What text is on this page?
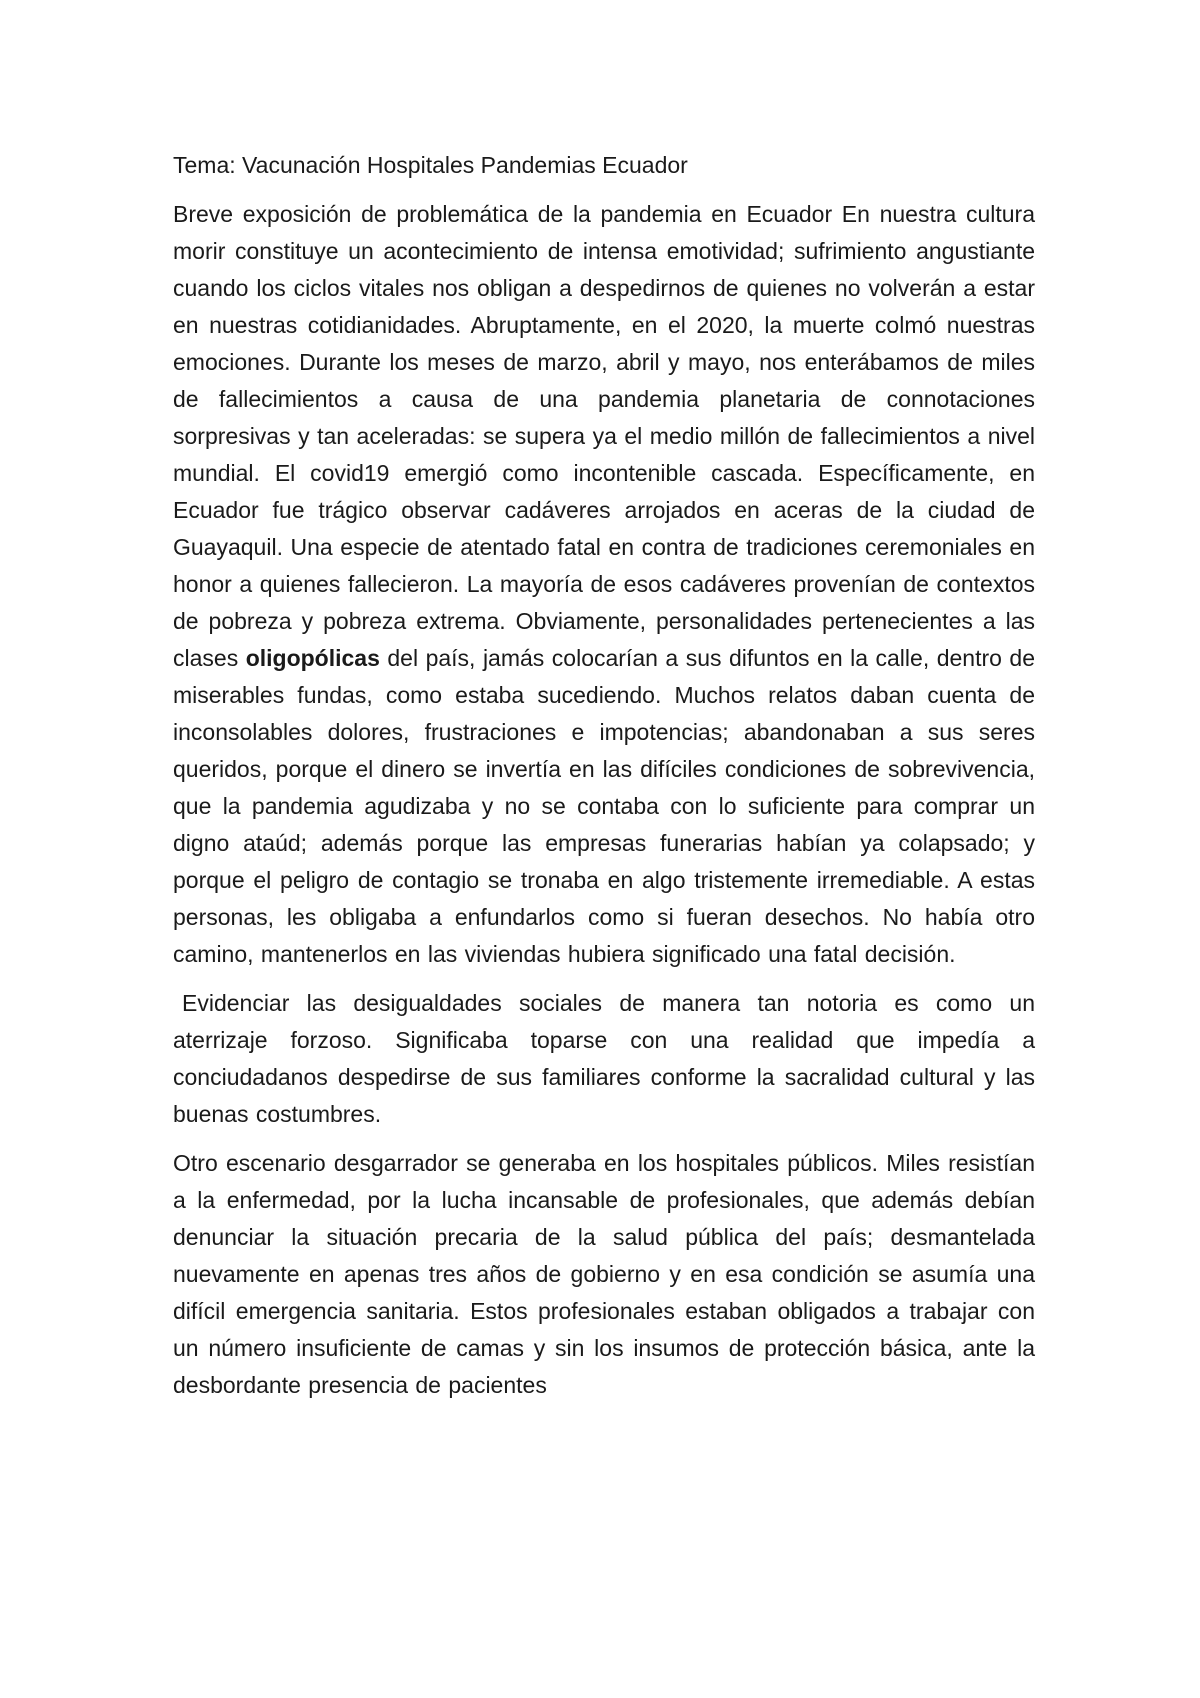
Tema: Vacunación Hospitales Pandemias Ecuador

Breve exposición de problemática de la pandemia en Ecuador En nuestra cultura morir constituye un acontecimiento de intensa emotividad; sufrimiento angustiante cuando los ciclos vitales nos obligan a despedirnos de quienes no volverán a estar en nuestras cotidianidades. Abruptamente, en el 2020, la muerte colmó nuestras emociones. Durante los meses de marzo, abril y mayo, nos enterábamos de miles de fallecimientos a causa de una pandemia planetaria de connotaciones sorpresivas y tan aceleradas: se supera ya el medio millón de fallecimientos a nivel mundial. El covid19 emergió como incontenible cascada. Específicamente, en Ecuador fue trágico observar cadáveres arrojados en aceras de la ciudad de Guayaquil. Una especie de atentado fatal en contra de tradiciones ceremoniales en honor a quienes fallecieron. La mayoría de esos cadáveres provenían de contextos de pobreza y pobreza extrema. Obviamente, personalidades pertenecientes a las clases oligopólicas del país, jamás colocarían a sus difuntos en la calle, dentro de miserables fundas, como estaba sucediendo. Muchos relatos daban cuenta de inconsolables dolores, frustraciones e impotencias; abandonaban a sus seres queridos, porque el dinero se invertía en las difíciles condiciones de sobrevivencia, que la pandemia agudizaba y no se contaba con lo suficiente para comprar un digno ataúd; además porque las empresas funerarias habían ya colapsado; y porque el peligro de contagio se tronaba en algo tristemente irremediable. A estas personas, les obligaba a enfundarlos como si fueran desechos. No había otro camino, mantenerlos en las viviendas hubiera significado una fatal decisión.

Evidenciar las desigualdades sociales de manera tan notoria es como un aterrizaje forzoso. Significaba toparse con una realidad que impedía a conciudadanos despedirse de sus familiares conforme la sacralidad cultural y las buenas costumbres.

Otro escenario desgarrador se generaba en los hospitales públicos. Miles resistían a la enfermedad, por la lucha incansable de profesionales, que además debían denunciar la situación precaria de la salud pública del país; desmantelada nuevamente en apenas tres años de gobierno y en esa condición se asumía una difícil emergencia sanitaria. Estos profesionales estaban obligados a trabajar con un número insuficiente de camas y sin los insumos de protección básica, ante la desbordante presencia de pacientes
